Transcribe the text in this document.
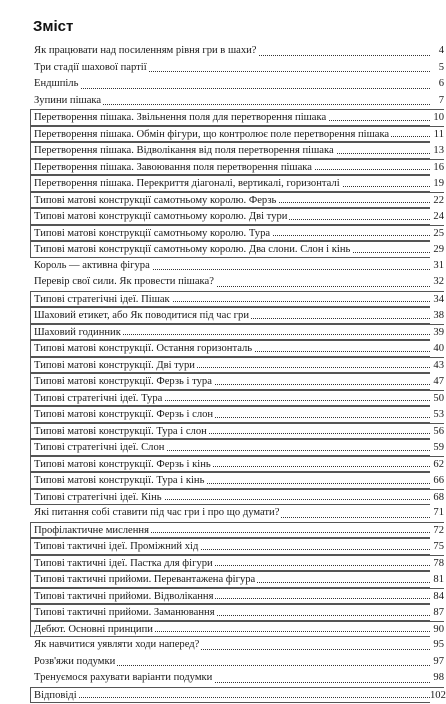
Зміст
Як працювати над посиленням рівня гри в шахи?	4
Три стадії шахової партії	5
Ендшпіль	6
Зупини пішака	7
Перетворення пішака. Звільнення поля для перетворення пішака	10
Перетворення пішака. Обмін фігури, що контролює поле перетворення пішака	11
Перетворення пішака. Відволікання від поля перетворення пішака	13
Перетворення пішака. Завоювання поля перетворення пішака	16
Перетворення пішака. Перекриття діагоналі, вертикалі, горизонталі	19
Типові матові конструкції самотньому королю. Ферзь	22
Типові матові конструкції самотньому королю. Дві тури	24
Типові матові конструкції самотньому королю. Тура	25
Типові матові конструкції самотньому королю. Два слони. Слон і кінь	29
Король — активна фігура	31
Перевір свої сили. Як провести пішака?	32
Типові стратегічні ідеї. Пішак	34
Шаховий етикет, або Як поводитися під час гри	38
Шаховий годинник	39
Типові матові конструкції. Остання горизонталь	40
Типові матові конструкції. Дві тури	43
Типові матові конструкції. Ферзь і тура	47
Типові стратегічні ідеї. Тура	50
Типові матові конструкції. Ферзь і слон	53
Типові матові конструкції. Тура і слон	56
Типові стратегічні ідеї. Слон	59
Типові матові конструкції. Ферзь і кінь	62
Типові матові конструкції. Тура і кінь	66
Типові стратегічні ідеї. Кінь	68
Які питання собі ставити під час гри і про що думати?	71
Профілактичне мислення	72
Типові тактичні ідеї. Проміжний хід	75
Типові тактичні ідеї. Пастка для фігури	78
Типові тактичні прийоми. Перевантажена фігура	81
Типові тактичні прийоми. Відволікання	84
Типові тактичні прийоми. Заманювання	87
Дебют. Основні принципи	90
Як навчитися уявляти ходи наперед?	95
Розв'яжи подумки	97
Тренуємося рахувати варіанти подумки	98
Відповіді	102
